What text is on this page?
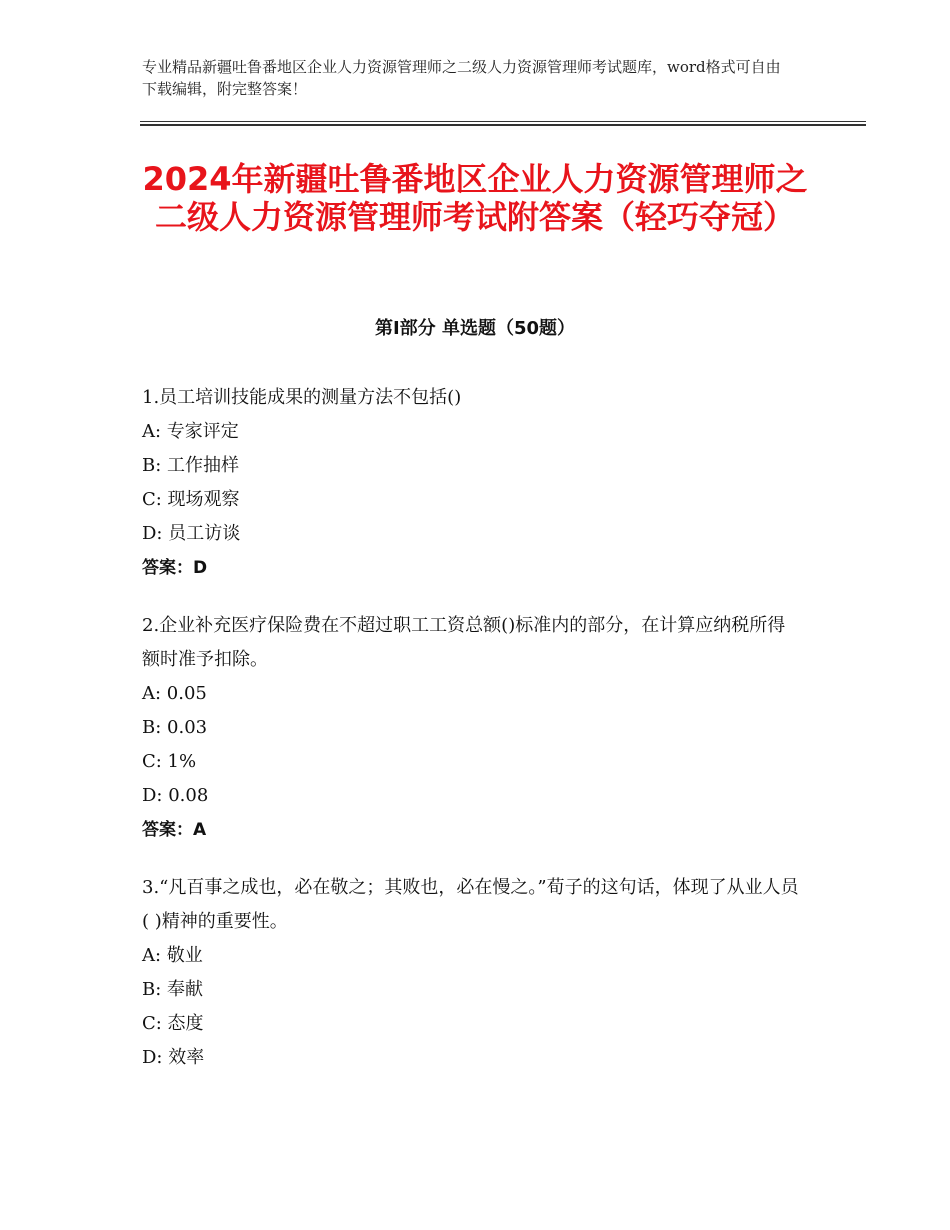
专业精品新疆吐鲁番地区企业人力资源管理师之二级人力资源管理师考试题库，word格式可自由下载编辑，附完整答案！
2024年新疆吐鲁番地区企业人力资源管理师之二级人力资源管理师考试附答案（轻巧夺冠）
第Ⅰ部分 单选题（50题）

1.员工培训技能成果的测量方法不包括()

A: 专家评定

B: 工作抽样

C: 现场观察

D: 员工访谈

答案：D

2.企业补充医疗保险费在不超过职工工资总额()标准内的部分，在计算应纳税所得额时准予扣除。

A: 0.05

B: 0.03

C: 1%

D: 0.08

答案：A

3.“凡百事之成也，必在敬之；其败也，必在慢之。”荀子的这句话，体现了从业人员( )精神的重要性。

A: 敬业

B: 奉献

C: 态度

D: 效率
